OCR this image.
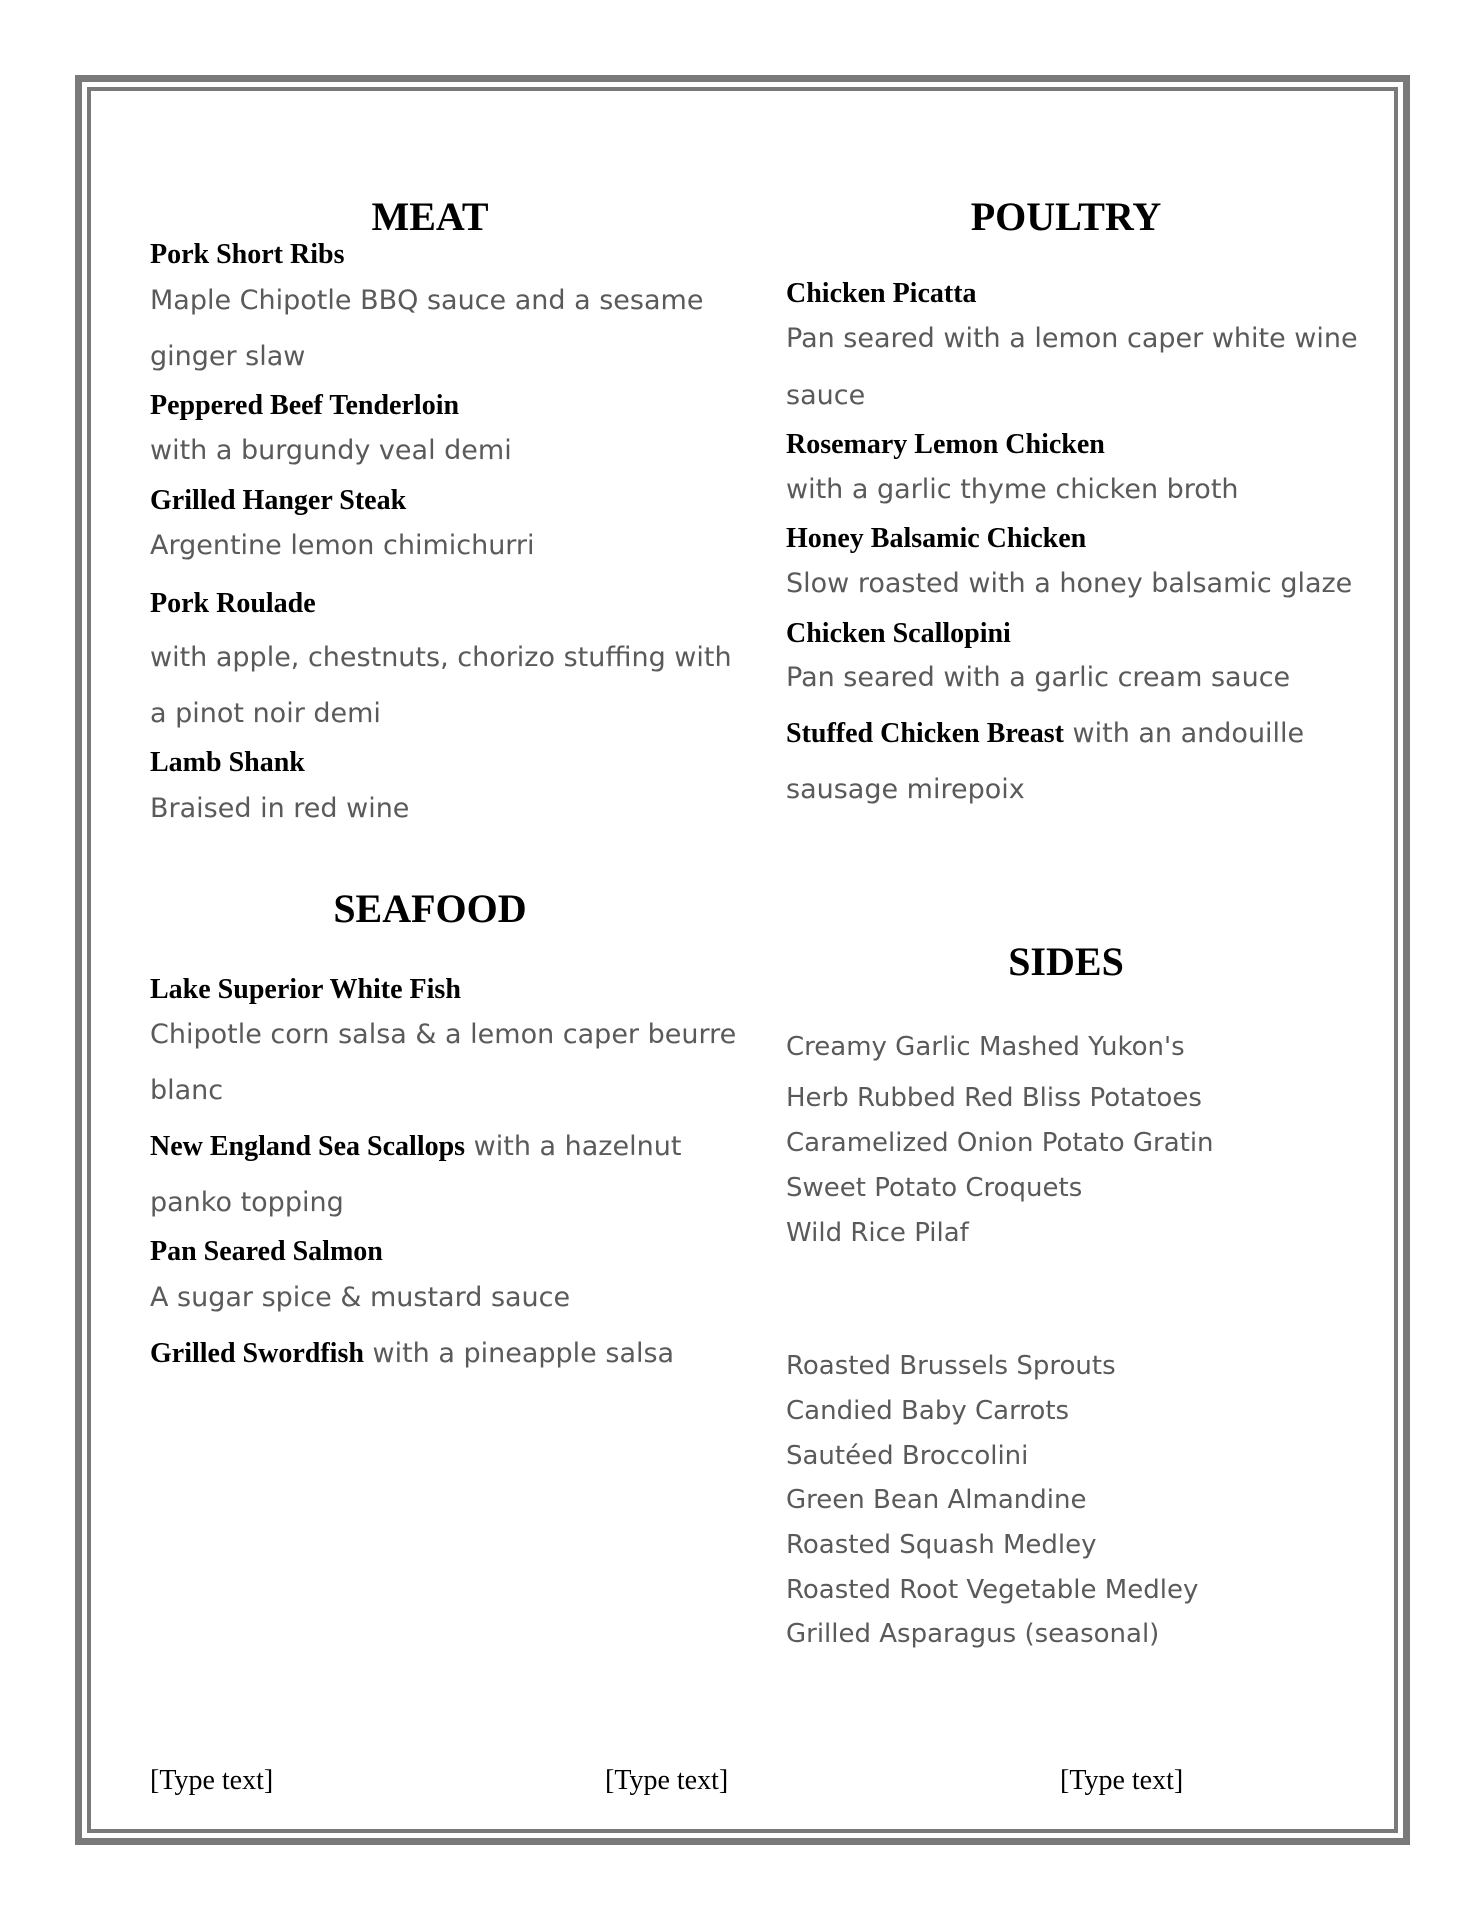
MEAT
Pork Short Ribs
Maple Chipotle BBQ sauce and a sesame
ginger slaw
Peppered Beef Tenderloin
with a burgundy veal demi
Grilled Hanger Steak
Argentine lemon chimichurri
Pork Roulade
with apple, chestnuts, chorizo stuffing with
a pinot noir demi
Lamb Shank
Braised in red wine
POULTRY
Chicken Picatta
Pan seared with a lemon caper white wine
sauce
Rosemary Lemon Chicken
with a garlic thyme chicken broth
Honey Balsamic Chicken
Slow roasted with a honey balsamic glaze
Chicken Scallopini
Pan seared with a garlic cream sauce
Stuffed Chicken Breast with an andouille
sausage mirepoix
SEAFOOD
Lake Superior White Fish
Chipotle corn salsa & a lemon caper beurre
blanc
New England Sea Scallops with a hazelnut
panko topping
Pan Seared Salmon
A sugar spice & mustard sauce
Grilled Swordfish with a pineapple salsa
SIDES
Creamy Garlic Mashed Yukon's
Herb Rubbed Red Bliss Potatoes
Caramelized Onion Potato Gratin
Sweet Potato Croquets
Wild Rice Pilaf
Roasted Brussels Sprouts
Candied Baby Carrots
Sautéed Broccolini
Green Bean Almandine
Roasted Squash Medley
Roasted Root Vegetable Medley
Grilled Asparagus (seasonal)
[Type text]	[Type text]	[Type text]
